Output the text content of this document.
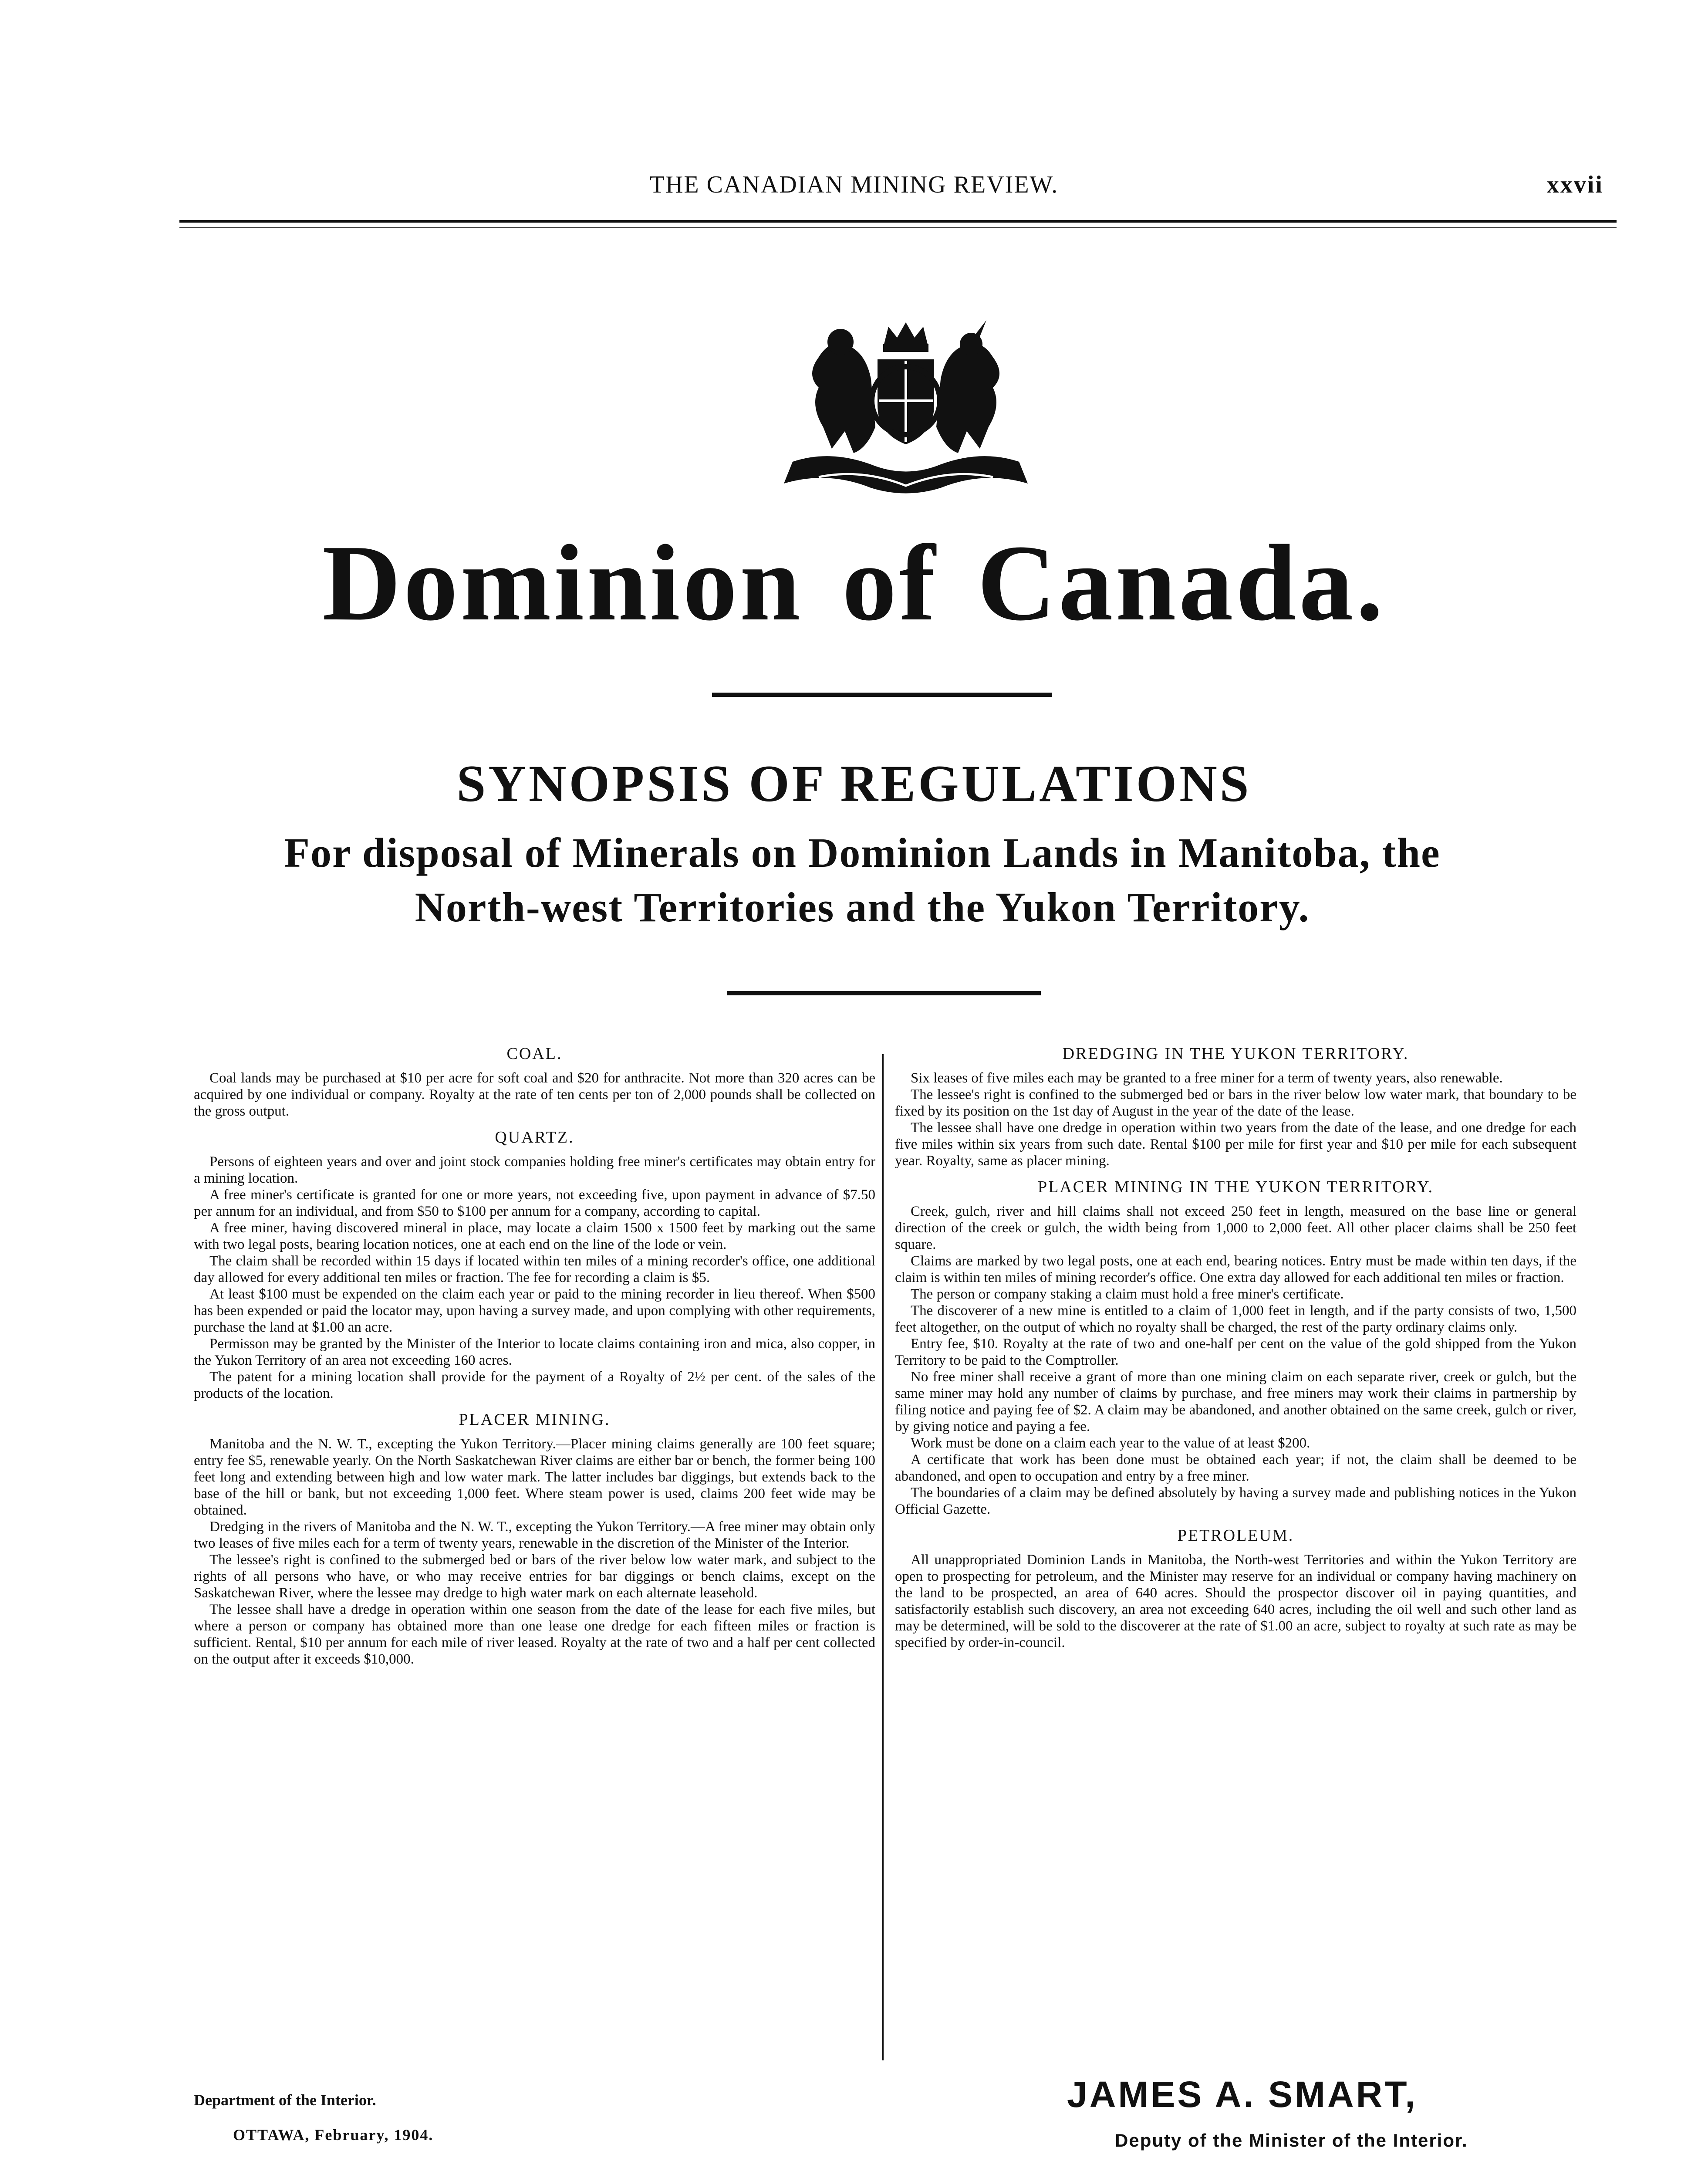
THE CANADIAN MINING REVIEW.	xxvii
Dominion of Canada.
SYNOPSIS OF REGULATIONS
For disposal of Minerals on Dominion Lands in Manitoba, the
North-west Territories and the Yukon Territory.
COAL.

Coal lands may be purchased at $10 per acre for soft coal and $20 for anthracite. Not more than 320 acres can be acquired by one individual or company. Royalty at the rate of ten cents per ton of 2,000 pounds shall be collected on the gross output.

QUARTZ.

Persons of eighteen years and over and joint stock companies holding free miner's certificates may obtain entry for a mining location.

A free miner's certificate is granted for one or more years, not exceeding five, upon payment in advance of $7.50 per annum for an individual, and from $50 to $100 per annum for a company, according to capital.

A free miner, having discovered mineral in place, may locate a claim 1500 x 1500 feet by marking out the same with two legal posts, bearing location notices, one at each end on the line of the lode or vein.

The claim shall be recorded within 15 days if located within ten miles of a mining recorder's office, one additional day allowed for every additional ten miles or fraction. The fee for recording a claim is $5.

At least $100 must be expended on the claim each year or paid to the mining recorder in lieu thereof. When $500 has been expended or paid the locator may, upon having a survey made, and upon complying with other requirements, purchase the land at $1.00 an acre.

Permisson may be granted by the Minister of the Interior to locate claims containing iron and mica, also copper, in the Yukon Territory of an area not exceeding 160 acres.

The patent for a mining location shall provide for the payment of a Royalty of 2½ per cent. of the sales of the products of the location.

PLACER MINING.

Manitoba and the N. W. T., excepting the Yukon Territory.—Placer mining claims generally are 100 feet square; entry fee $5, renewable yearly. On the North Saskatchewan River claims are either bar or bench, the former being 100 feet long and extending between high and low water mark. The latter includes bar diggings, but extends back to the base of the hill or bank, but not exceeding 1,000 feet. Where steam power is used, claims 200 feet wide may be obtained.

Dredging in the rivers of Manitoba and the N. W. T., excepting the Yukon Territory.—A free miner may obtain only two leases of five miles each for a term of twenty years, renewable in the discretion of the Minister of the Interior.

The lessee's right is confined to the submerged bed or bars of the river below low water mark, and subject to the rights of all persons who have, or who may receive entries for bar diggings or bench claims, except on the Saskatchewan River, where the lessee may dredge to high water mark on each alternate leasehold.

The lessee shall have a dredge in operation within one season from the date of the lease for each five miles, but where a person or company has obtained more than one lease one dredge for each fifteen miles or fraction is sufficient. Rental, $10 per annum for each mile of river leased. Royalty at the rate of two and a half per cent collected on the output after it exceeds $10,000.

DREDGING IN THE YUKON TERRITORY.

Six leases of five miles each may be granted to a free miner for a term of twenty years, also renewable.

The lessee's right is confined to the submerged bed or bars in the river below low water mark, that boundary to be fixed by its position on the 1st day of August in the year of the date of the lease.

The lessee shall have one dredge in operation within two years from the date of the lease, and one dredge for each five miles within six years from such date. Rental $100 per mile for first year and $10 per mile for each subsequent year. Royalty, same as placer mining.

PLACER MINING IN THE YUKON TERRITORY.

Creek, gulch, river and hill claims shall not exceed 250 feet in length, measured on the base line or general direction of the creek or gulch, the width being from 1,000 to 2,000 feet. All other placer claims shall be 250 feet square.

Claims are marked by two legal posts, one at each end, bearing notices. Entry must be made within ten days, if the claim is within ten miles of mining recorder's office. One extra day allowed for each additional ten miles or fraction.

The person or company staking a claim must hold a free miner's certificate.

The discoverer of a new mine is entitled to a claim of 1,000 feet in length, and if the party consists of two, 1,500 feet altogether, on the output of which no royalty shall be charged, the rest of the party ordinary claims only.

Entry fee, $10. Royalty at the rate of two and one-half per cent on the value of the gold shipped from the Yukon Territory to be paid to the Comptroller.

No free miner shall receive a grant of more than one mining claim on each separate river, creek or gulch, but the same miner may hold any number of claims by purchase, and free miners may work their claims in partnership by filing notice and paying fee of $2. A claim may be abandoned, and another obtained on the same creek, gulch or river, by giving notice and paying a fee.

Work must be done on a claim each year to the value of at least $200.

A certificate that work has been done must be obtained each year; if not, the claim shall be deemed to be abandoned, and open to occupation and entry by a free miner.

The boundaries of a claim may be defined absolutely by having a survey made and publishing notices in the Yukon Official Gazette.

PETROLEUM.

All unappropriated Dominion Lands in Manitoba, the North-west Territories and within the Yukon Territory are open to prospecting for petroleum, and the Minister may reserve for an individual or company having machinery on the land to be prospected, an area of 640 acres. Should the prospector discover oil in paying quantities, and satisfactorily establish such discovery, an area not exceeding 640 acres, including the oil well and such other land as may be determined, will be sold to the discoverer at the rate of $1.00 an acre, subject to royalty at such rate as may be specified by order-in-council.

Department of the Interior.
OTTAWA, February, 1904.
JAMES A. SMART,
Deputy of the Minister of the Interior.
